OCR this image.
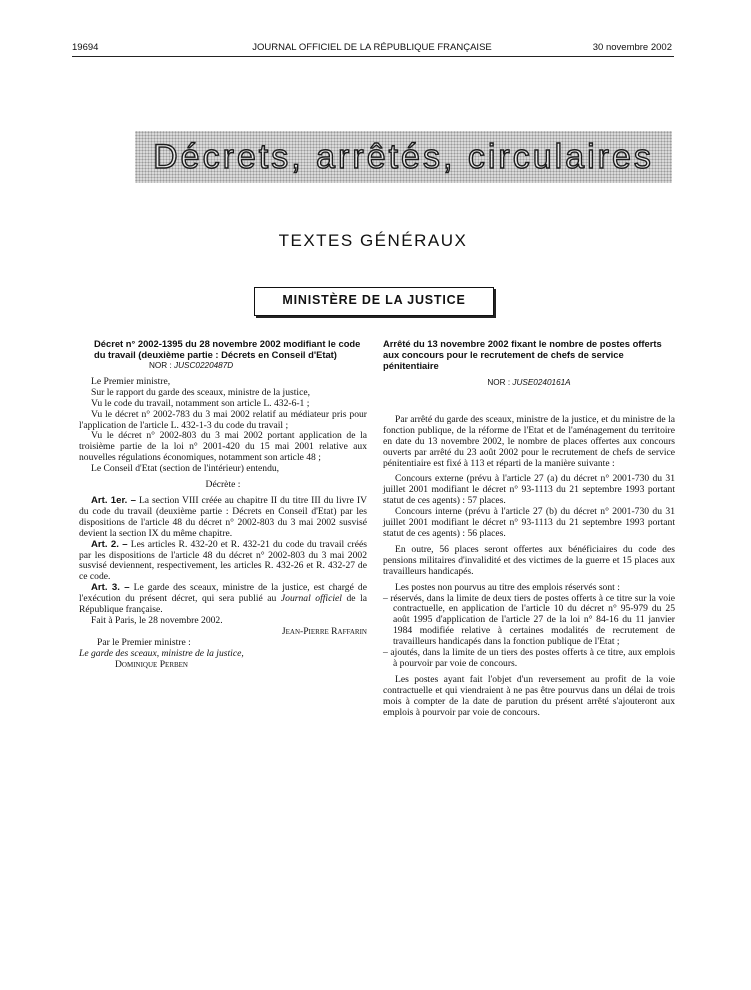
19694	JOURNAL OFFICIEL DE LA RÉPUBLIQUE FRANÇAISE	30 novembre 2002
Décrets, arrêtés, circulaires
TEXTES GÉNÉRAUX
MINISTÈRE DE LA JUSTICE
Décret n° 2002-1395 du 28 novembre 2002 modifiant le code du travail (deuxième partie : Décrets en Conseil d'Etat)
NOR : JUSC0220487D

Le Premier ministre,

Sur le rapport du garde des sceaux, ministre de la justice,

Vu le code du travail, notamment son article L. 432-6-1 ;

Vu le décret n° 2002-783 du 3 mai 2002 relatif au médiateur pris pour l'application de l'article L. 432-1-3 du code du travail ;

Vu le décret n° 2002-803 du 3 mai 2002 portant application de la troisième partie de la loi n° 2001-420 du 15 mai 2001 relative aux nouvelles régulations économiques, notamment son article 48 ;

Le Conseil d'Etat (section de l'intérieur) entendu,

Décrète :

Art. 1er. – La section VIII créée au chapitre II du titre III du livre IV du code du travail (deuxième partie : Décrets en Conseil d'Etat) par les dispositions de l'article 48 du décret n° 2002-803 du 3 mai 2002 susvisé devient la section IX du même chapitre.

Art. 2. – Les articles R. 432-20 et R. 432-21 du code du travail créés par les dispositions de l'article 48 du décret n° 2002-803 du 3 mai 2002 susvisé deviennent, respectivement, les articles R. 432-26 et R. 432-27 de ce code.

Art. 3. – Le garde des sceaux, ministre de la justice, est chargé de l'exécution du présent décret, qui sera publié au Journal officiel de la République française.

Fait à Paris, le 28 novembre 2002.

Jean-Pierre Raffarin

Par le Premier ministre :

Le garde des sceaux, ministre de la justice,

Dominique Perben

Arrêté du 13 novembre 2002 fixant le nombre de postes offerts aux concours pour le recrutement de chefs de service pénitentiaire
NOR : JUSE0240161A

Par arrêté du garde des sceaux, ministre de la justice, et du ministre de la fonction publique, de la réforme de l'Etat et de l'aménagement du territoire en date du 13 novembre 2002, le nombre de places offertes aux concours ouverts par arrêté du 23 août 2002 pour le recrutement de chefs de service pénitentiaire est fixé à 113 et réparti de la manière suivante :

Concours externe (prévu à l'article 27 (a) du décret n° 2001-730 du 31 juillet 2001 modifiant le décret n° 93-1113 du 21 septembre 1993 portant statut de ces agents) : 57 places.

Concours interne (prévu à l'article 27 (b) du décret n° 2001-730 du 31 juillet 2001 modifiant le décret n° 93-1113 du 21 septembre 1993 portant statut de ces agents) : 56 places.

En outre, 56 places seront offertes aux bénéficiaires du code des pensions militaires d'invalidité et des victimes de la guerre et 15 places aux travailleurs handicapés.

Les postes non pourvus au titre des emplois réservés sont :

– réservés, dans la limite de deux tiers de postes offerts à ce titre sur la voie contractuelle, en application de l'article 10 du décret n° 95-979 du 25 août 1995 d'application de l'article 27 de la loi n° 84-16 du 11 janvier 1984 modifiée relative à certaines modalités de recrutement de travailleurs handicapés dans la fonction publique de l'Etat ;

– ajoutés, dans la limite de un tiers des postes offerts à ce titre, aux emplois à pourvoir par voie de concours.

Les postes ayant fait l'objet d'un reversement au profit de la voie contractuelle et qui viendraient à ne pas être pourvus dans un délai de trois mois à compter de la date de parution du présent arrêté s'ajouteront aux emplois à pourvoir par voie de concours.
